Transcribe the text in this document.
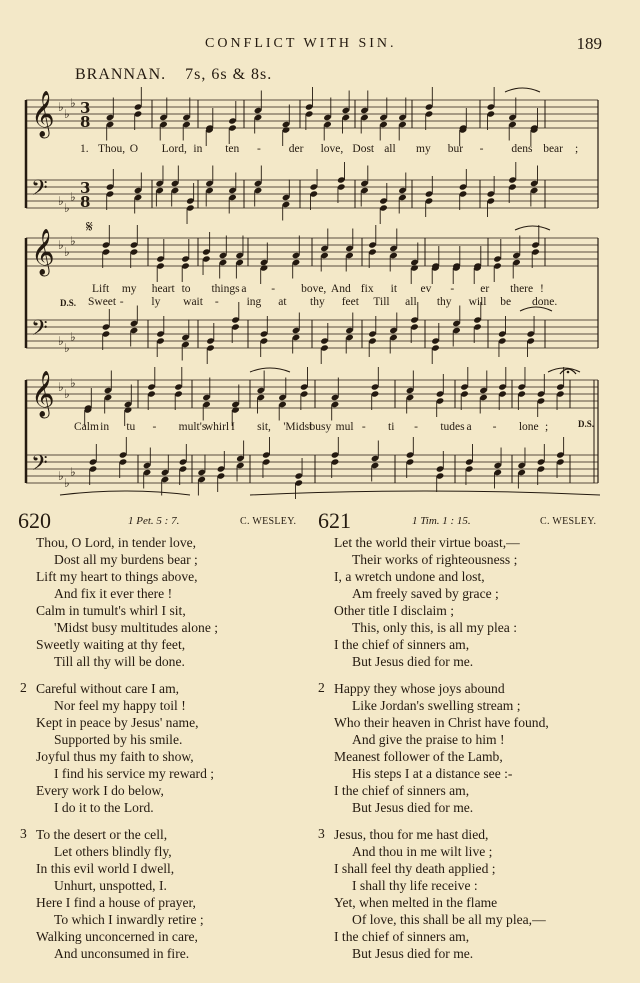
CONFLICT WITH SIN.	189
BRANNAN. 7s, 6s & 8s.
𝄞 ♭ ♭
♭
𝄢 ♭ ♭
♭
𝄞 ♭ ♭
♭
𝄢 ♭ ♭
♭
𝄞 ♭ ♭
♭
𝄢 ♭ ♭
♭
3
8
3
8
𝄋
1. Thou, O Lord, in ten - der love, Dost all my bur - dens bear ;
Lift my heart to things a - bove, And fix it ev - er there !
D.S. Sweet - ly wait - ing at thy feet Till all thy will be done.
D.S.
Calm in tu - mult's
whirl I sit, 'Midst
busy mul - ti - tudes a - lone ;
620	1 Pet. 5 : 7.	C. WESLEY. 621	1 Tim. 1 : 15.	C. WESLEY.
Thou, O Lord, in tender love,
Dost all my burdens bear ;
Lift my heart to things above,
And fix it ever there !
Calm in tumult's whirl I sit,
'Midst busy multitudes alone ;
Sweetly waiting at thy feet,
Till all thy will be done.
2 Careful without care I am,
Nor feel my happy toil !
Kept in peace by Jesus' name,
Supported by his smile.
Joyful thus my faith to show,
I find his service my reward ;
Every work I do below,
I do it to the Lord.
3 To the desert or the cell,
Let others blindly fly,
In this evil world I dwell,
Unhurt, unspotted, I.
Here I find a house of prayer,
To which I inwardly retire ;
Walking unconcerned in care,
And unconsumed in fire.
Let the world their virtue boast,—
Their works of righteousness ;
I, a wretch undone and lost,
Am freely saved by grace ;
Other title I disclaim ;
This, only this, is all my plea :
I the chief of sinners am,
But Jesus died for me.
2 Happy they whose joys abound
Like Jordan's swelling stream ;
Who their heaven in Christ have found,
And give the praise to him !
Meanest follower of the Lamb,
His steps I at a distance see :-
I the chief of sinners am,
But Jesus died for me.
3 Jesus, thou for me hast died,
And thou in me wilt live ;
I shall feel thy death applied ;
I shall thy life receive :
Yet, when melted in the flame
Of love, this shall be all my plea,—
I the chief of sinners am,
But Jesus died for me.
